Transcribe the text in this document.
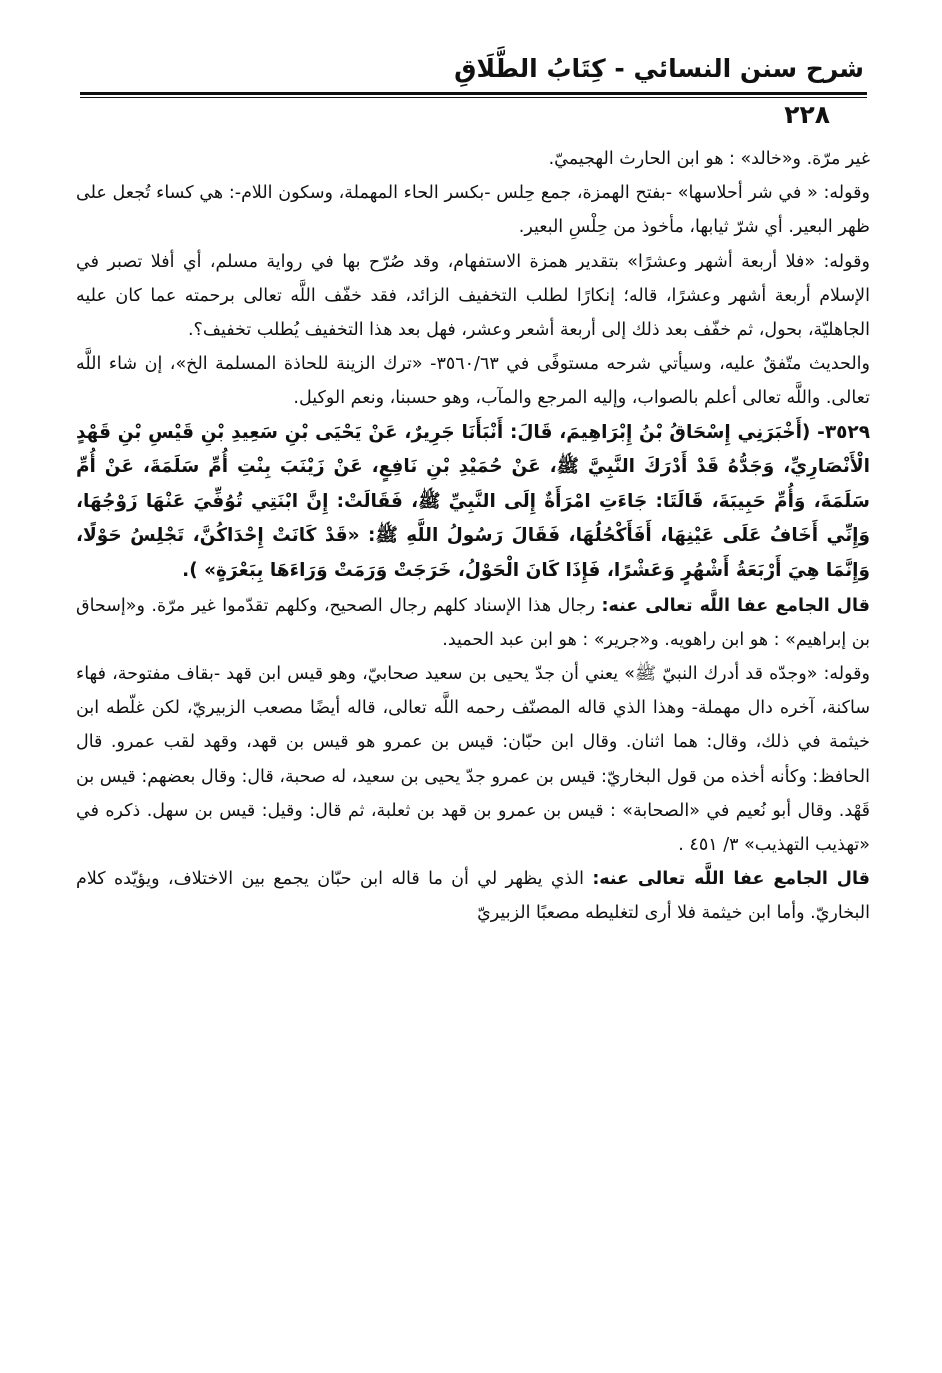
شرح سنن النسائي - كِتَابُ الطَّلَاقِ
٢٢٨

غير مرّة. و«خالد» : هو ابن الحارث الهجيميّ.

وقوله: « في شر أحلاسها» -بفتح الهمزة، جمع حِلس -بكسر الحاء المهملة، وسكون اللام-: هي كساء تُجعل على ظهر البعير. أي شرّ ثيابها، مأخوذ من حِلْسِ البعير.

وقوله: «فلا أربعة أشهر وعشرًا» بتقدير همزة الاستفهام، وقد صُرّح بها في رواية مسلم، أي أفلا تصبر في الإسلام أربعة أشهر وعشرًا، قاله؛ إنكارًا لطلب التخفيف الزائد، فقد خفّف اللَّه تعالى برحمته عما كان عليه الجاهليّة، بحول، ثم خفّف بعد ذلك إلى أربعة أشعر وعشر، فهل بعد هذا التخفيف يُطلب تخفيف؟.

والحديث متّفقٌ عليه، وسيأتي شرحه مستوفًى في ٣٥٦٠/٦٣- «ترك الزينة للحاذة المسلمة الخ»، إن شاء اللَّه تعالى. واللَّه تعالى أعلم بالصواب، وإليه المرجع والمآب، وهو حسبنا، ونعم الوكيل.

٣٥٢٩- (أَخْبَرَنِي إِسْحَاقُ بْنُ إِبْرَاهِيمَ، قَالَ: أَنْبَأَنَا جَرِيرٌ، عَنْ يَحْيَى بْنِ سَعِيدِ بْنِ قَيْسِ بْنِ قَهْدٍ الْأَنْصَارِيِّ، وَجَدُّهُ قَدْ أَدْرَكَ النَّبِيَّ ﷺ، عَنْ حُمَيْدِ بْنِ نَافِعٍ، عَنْ زَيْنَبَ بِنْتِ أُمِّ سَلَمَةَ، عَنْ أُمِّ سَلَمَةَ، وَأُمِّ حَبِيبَةَ، قَالَتَا: جَاءَتِ امْرَأَةٌ إِلَى النَّبِيِّ ﷺ، فَقَالَتْ: إِنَّ ابْنَتِي تُوُفِّيَ عَنْهَا زَوْجُهَا، وَإِنِّي أَخَافُ عَلَى عَيْنِهَا، أَفَأَكْحُلُهَا، فَقَالَ رَسُولُ اللَّهِ ﷺ: «قَدْ كَانَتْ إِحْدَاكُنَّ، تَجْلِسُ حَوْلًا، وَإِنَّمَا هِيَ أَرْبَعَةُ أَشْهُرٍ وَعَشْرًا، فَإِذَا كَانَ الْحَوْلُ، خَرَجَتْ وَرَمَتْ وَرَاءَهَا بِبَعْرَةٍ» ).

قال الجامع عفا اللَّه تعالى عنه: رجال هذا الإسناد كلهم رجال الصحيح، وكلهم تقدّموا غير مرّة. و«إسحاق بن إبراهيم» : هو ابن راهويه. و«جرير» : هو ابن عبد الحميد.

وقوله: «وجدّه قد أدرك النبيّ ﷺ» يعني أن جدّ يحيى بن سعيد صحابيّ، وهو قيس ابن قهد -بقاف مفتوحة، فهاء ساكنة، آخره دال مهملة- وهذا الذي قاله المصنّف رحمه اللَّه تعالى، قاله أيضًا مصعب الزبيريّ، لكن غلّطه ابن خيثمة في ذلك، وقال: هما اثنان. وقال ابن حبّان: قيس بن عمرو هو قيس بن قهد، وقهد لقب عمرو. قال الحافظ: وكأنه أخذه من قول البخاريّ: قيس بن عمرو جدّ يحيى بن سعيد، له صحبة، قال: وقال بعضهم: قيس بن قَهْد. وقال أبو نُعيم في «الصحابة» : قيس بن عمرو بن قهد بن ثعلبة، ثم قال: وقيل: قيس بن سهل. ذكره في «تهذيب التهذيب» ٣/ ٤٥١ .

قال الجامع عفا اللَّه تعالى عنه: الذي يظهر لي أن ما قاله ابن حبّان يجمع بين الاختلاف، ويؤيّده كلام البخاريّ. وأما ابن خيثمة فلا أرى لتغليطه مصعبًا الزبيريّ
